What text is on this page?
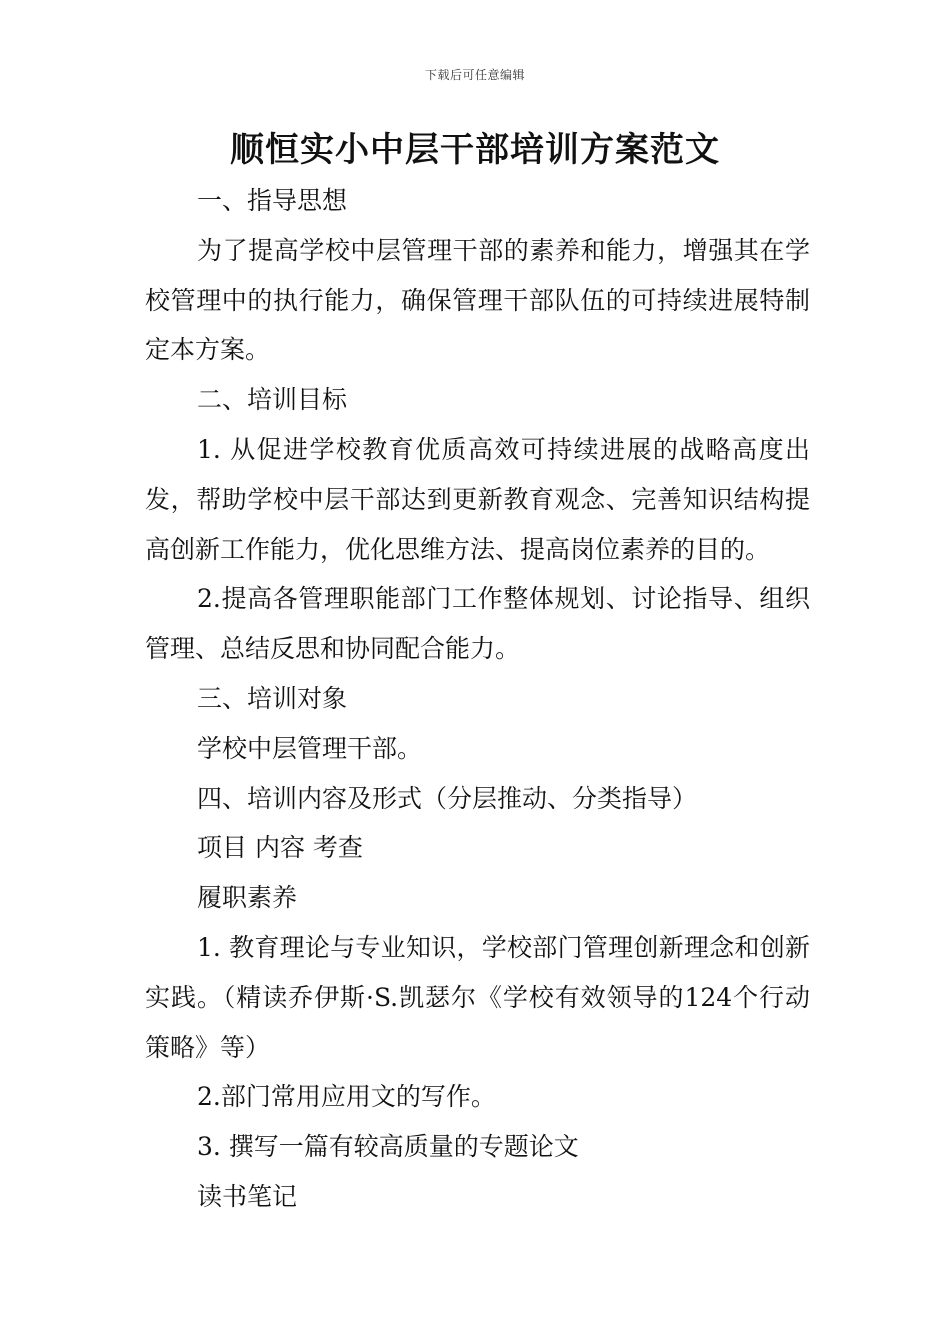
下载后可任意编辑
顺恒实小中层干部培训方案范文

一、指导思想

为了提高学校中层管理干部的素养和能力，增强其在学校管理中的执行能力，确保管理干部队伍的可持续进展特制定本方案。

二、培训目标

1. 从促进学校教育优质高效可持续进展的战略高度出发，帮助学校中层干部达到更新教育观念、完善知识结构提高创新工作能力，优化思维方法、提高岗位素养的目的。

2.提高各管理职能部门工作整体规划、讨论指导、组织管理、总结反思和协同配合能力。

三、培训对象

学校中层管理干部。

四、培训内容及形式（分层推动、分类指导）

项目 内容 考查

履职素养

1. 教育理论与专业知识，学校部门管理创新理念和创新实践。（精读乔伊斯·S.凯瑟尔《学校有效领导的124个行动策略》等）

2.部门常用应用文的写作。

3. 撰写一篇有较高质量的专题论文

读书笔记
